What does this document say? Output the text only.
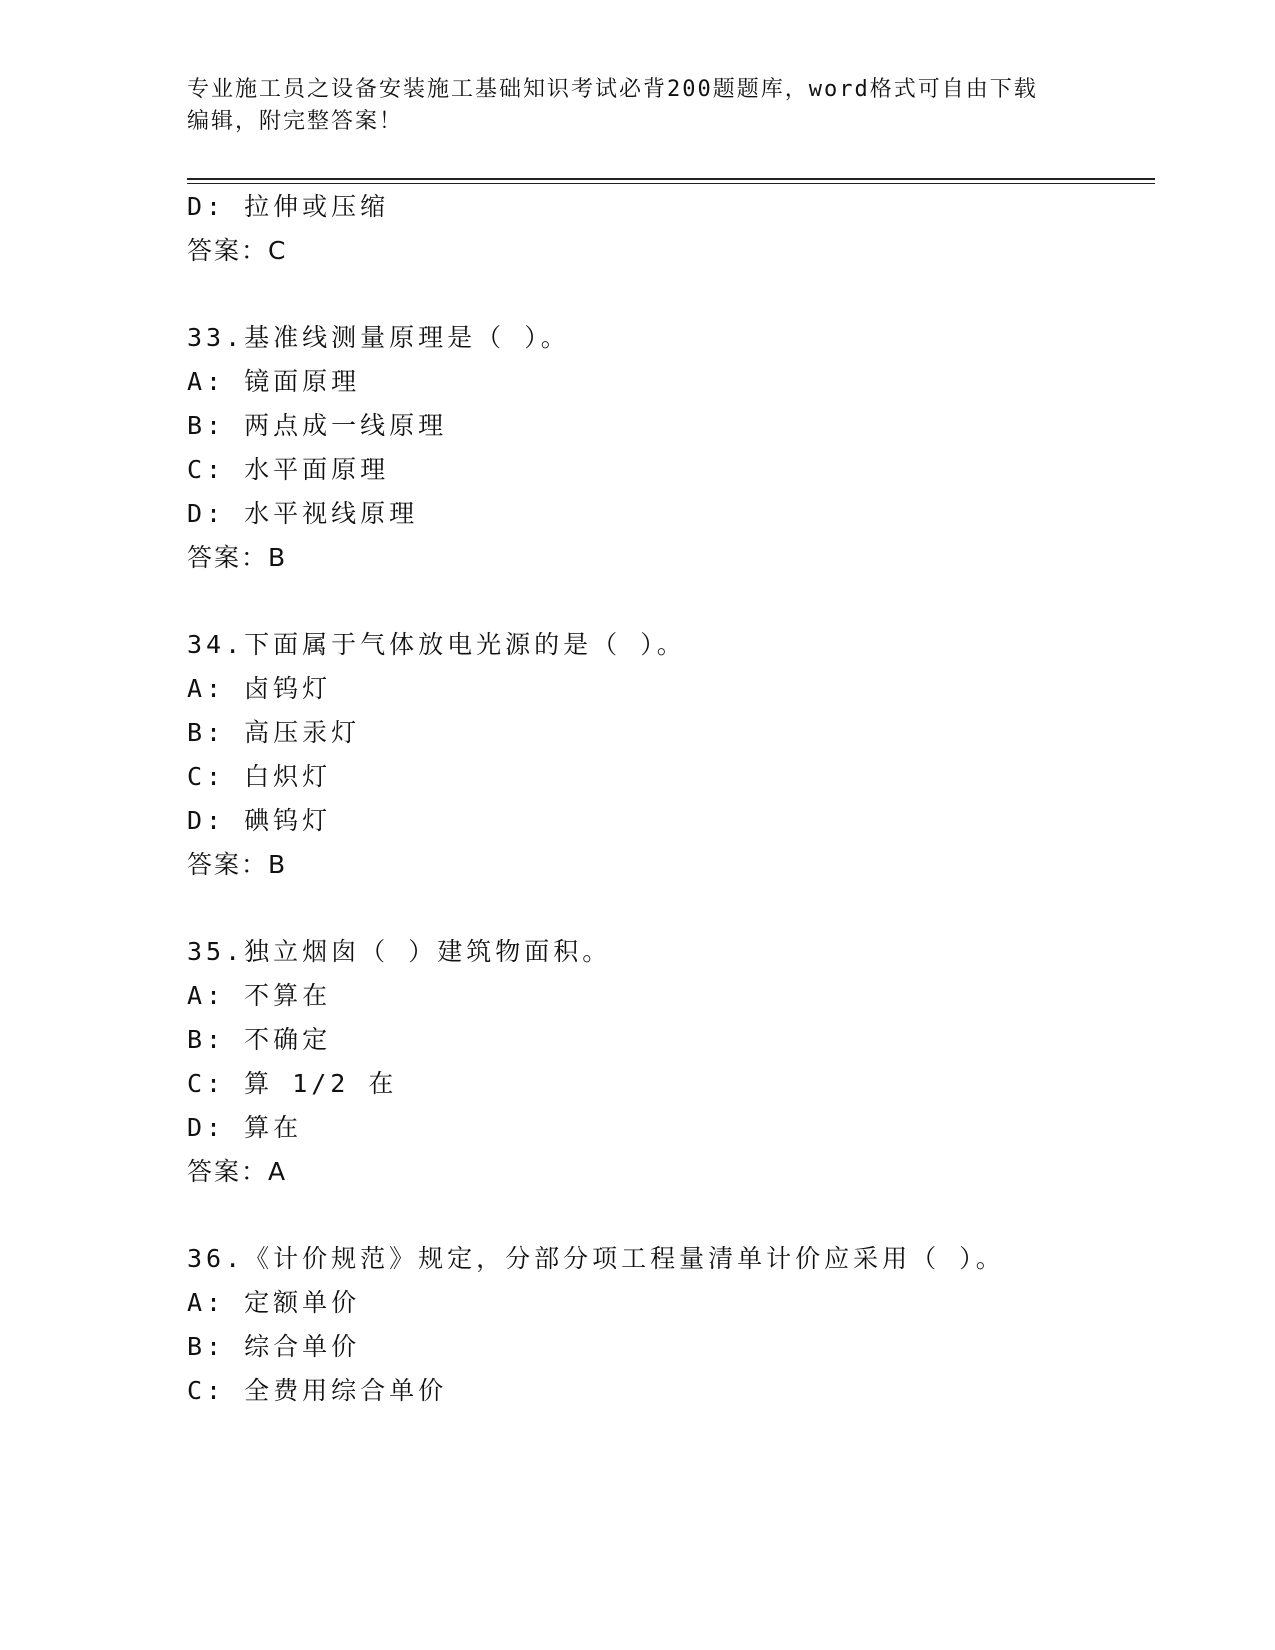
专业施工员之设备安装施工基础知识考试必背200题题库，word格式可自由下载
编辑，附完整答案！
D: 拉伸或压缩
答案：C
33.基准线测量原理是（ ）。
A: 镜面原理
B: 两点成一线原理
C: 水平面原理
D: 水平视线原理
答案：B
34.下面属于气体放电光源的是（ ）。
A: 卤钨灯
B: 高压汞灯
C: 白炽灯
D: 碘钨灯
答案：B
35.独立烟囱（ ）建筑物面积。
A: 不算在
B: 不确定
C: 算 1/2 在
D: 算在
答案：A
36.《计价规范》规定，分部分项工程量清单计价应采用（ ）。
A: 定额单价
B: 综合单价
C: 全费用综合单价
